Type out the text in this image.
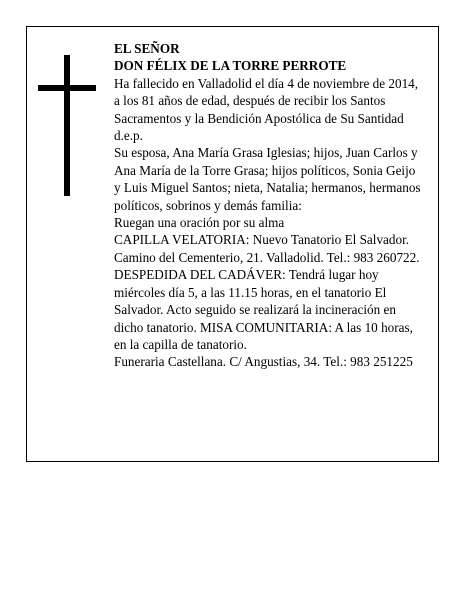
EL SEÑOR

DON FÉLIX DE LA TORRE PERROTE

Ha fallecido en Valladolid el día 4 de noviembre de 2014, a los 81 años de edad, después de recibir los Santos Sacramentos y la Bendición Apostólica de Su Santidad

d.e.p.

Su esposa, Ana María Grasa Iglesias; hijos, Juan Carlos y Ana María de la Torre Grasa; hijos políticos, Sonia Geijo y Luis Miguel Santos; nieta, Natalia; hermanos, hermanos políticos, sobrinos y demás familia:

Ruegan una oración por su alma

CAPILLA VELATORIA: Nuevo Tanatorio El Salvador. Camino del Cementerio, 21. Valladolid. Tel.: 983 260722.

DESPEDIDA DEL CADÁVER: Tendrá lugar hoy miércoles día 5, a las 11.15 horas, en el tanatorio El Salvador. Acto seguido se realizará la incineración en dicho tanatorio. MISA COMUNITARIA: A las 10 horas, en la capilla de tanatorio.

Funeraria Castellana. C/ Angustias, 34. Tel.: 983 251225
